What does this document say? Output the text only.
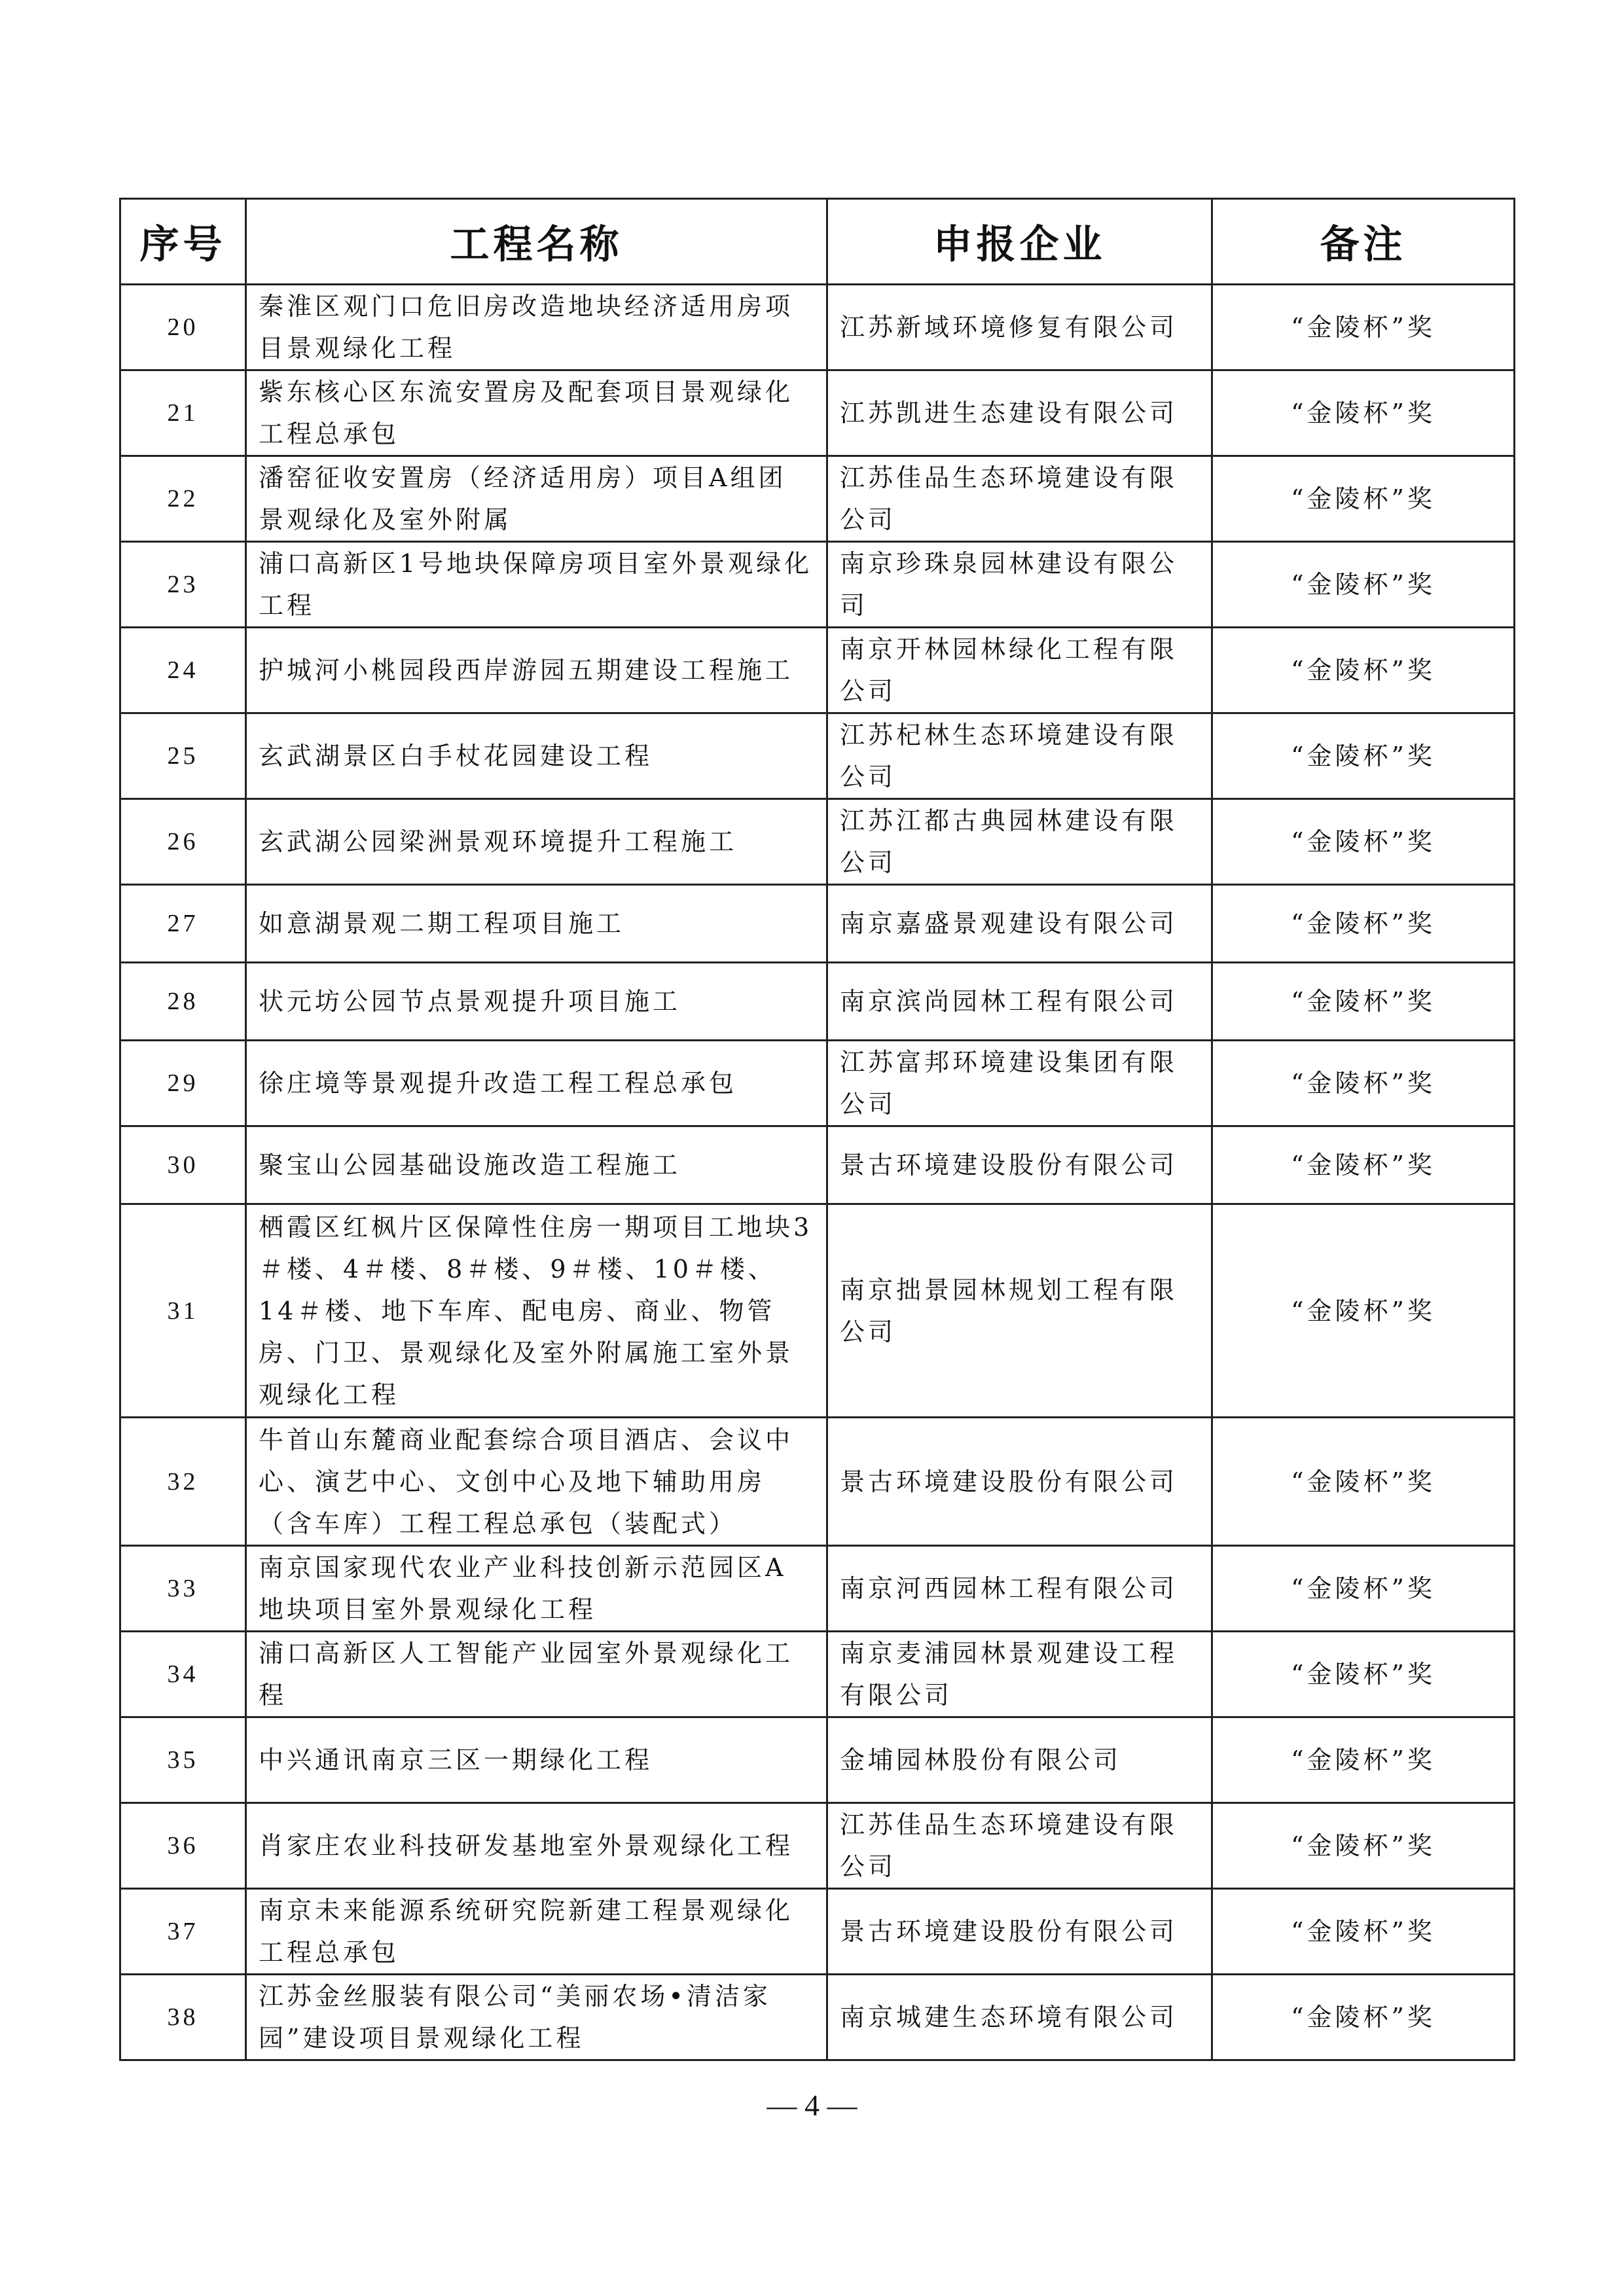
序号	工程名称	申报企业	备注
20	秦淮区观门口危旧房改造地块经济适用房项目景观绿化工程	江苏新域环境修复有限公司	“金陵杯”奖
21	紫东核心区东流安置房及配套项目景观绿化工程总承包	江苏凯进生态建设有限公司	“金陵杯”奖
22	潘窑征收安置房（经济适用房）项目A组团景观绿化及室外附属	江苏佳品生态环境建设有限公司	“金陵杯”奖
23	浦口高新区1号地块保障房项目室外景观绿化工程	南京珍珠泉园林建设有限公司	“金陵杯”奖
24	护城河小桃园段西岸游园五期建设工程施工	南京开林园林绿化工程有限公司	“金陵杯”奖
25	玄武湖景区白手杖花园建设工程	江苏杞林生态环境建设有限公司	“金陵杯”奖
26	玄武湖公园梁洲景观环境提升工程施工	江苏江都古典园林建设有限公司	“金陵杯”奖
27	如意湖景观二期工程项目施工	南京嘉盛景观建设有限公司	“金陵杯”奖
28	状元坊公园节点景观提升项目施工	南京滨尚园林工程有限公司	“金陵杯”奖
29	徐庄境等景观提升改造工程工程总承包	江苏富邦环境建设集团有限公司	“金陵杯”奖
30	聚宝山公园基础设施改造工程施工	景古环境建设股份有限公司	“金陵杯”奖
31	栖霞区红枫片区保障性住房一期项目工地块3＃楼、4＃楼、8＃楼、9＃楼、10＃楼、14＃楼、地下车库、配电房、商业、物管房、门卫、景观绿化及室外附属施工室外景观绿化工程	南京拙景园林规划工程有限公司	“金陵杯”奖
32	牛首山东麓商业配套综合项目酒店、会议中心、演艺中心、文创中心及地下辅助用房（含车库）工程工程总承包（装配式）	景古环境建设股份有限公司	“金陵杯”奖
33	南京国家现代农业产业科技创新示范园区A地块项目室外景观绿化工程	南京河西园林工程有限公司	“金陵杯”奖
34	浦口高新区人工智能产业园室外景观绿化工程	南京麦浦园林景观建设工程有限公司	“金陵杯”奖
35	中兴通讯南京三区一期绿化工程	金埔园林股份有限公司	“金陵杯”奖
36	肖家庄农业科技研发基地室外景观绿化工程	江苏佳品生态环境建设有限公司	“金陵杯”奖
37	南京未来能源系统研究院新建工程景观绿化工程总承包	景古环境建设股份有限公司	“金陵杯”奖
38	江苏金丝服装有限公司“美丽农场•清洁家园”建设项目景观绿化工程	南京城建生态环境有限公司	“金陵杯”奖
— 4 —
